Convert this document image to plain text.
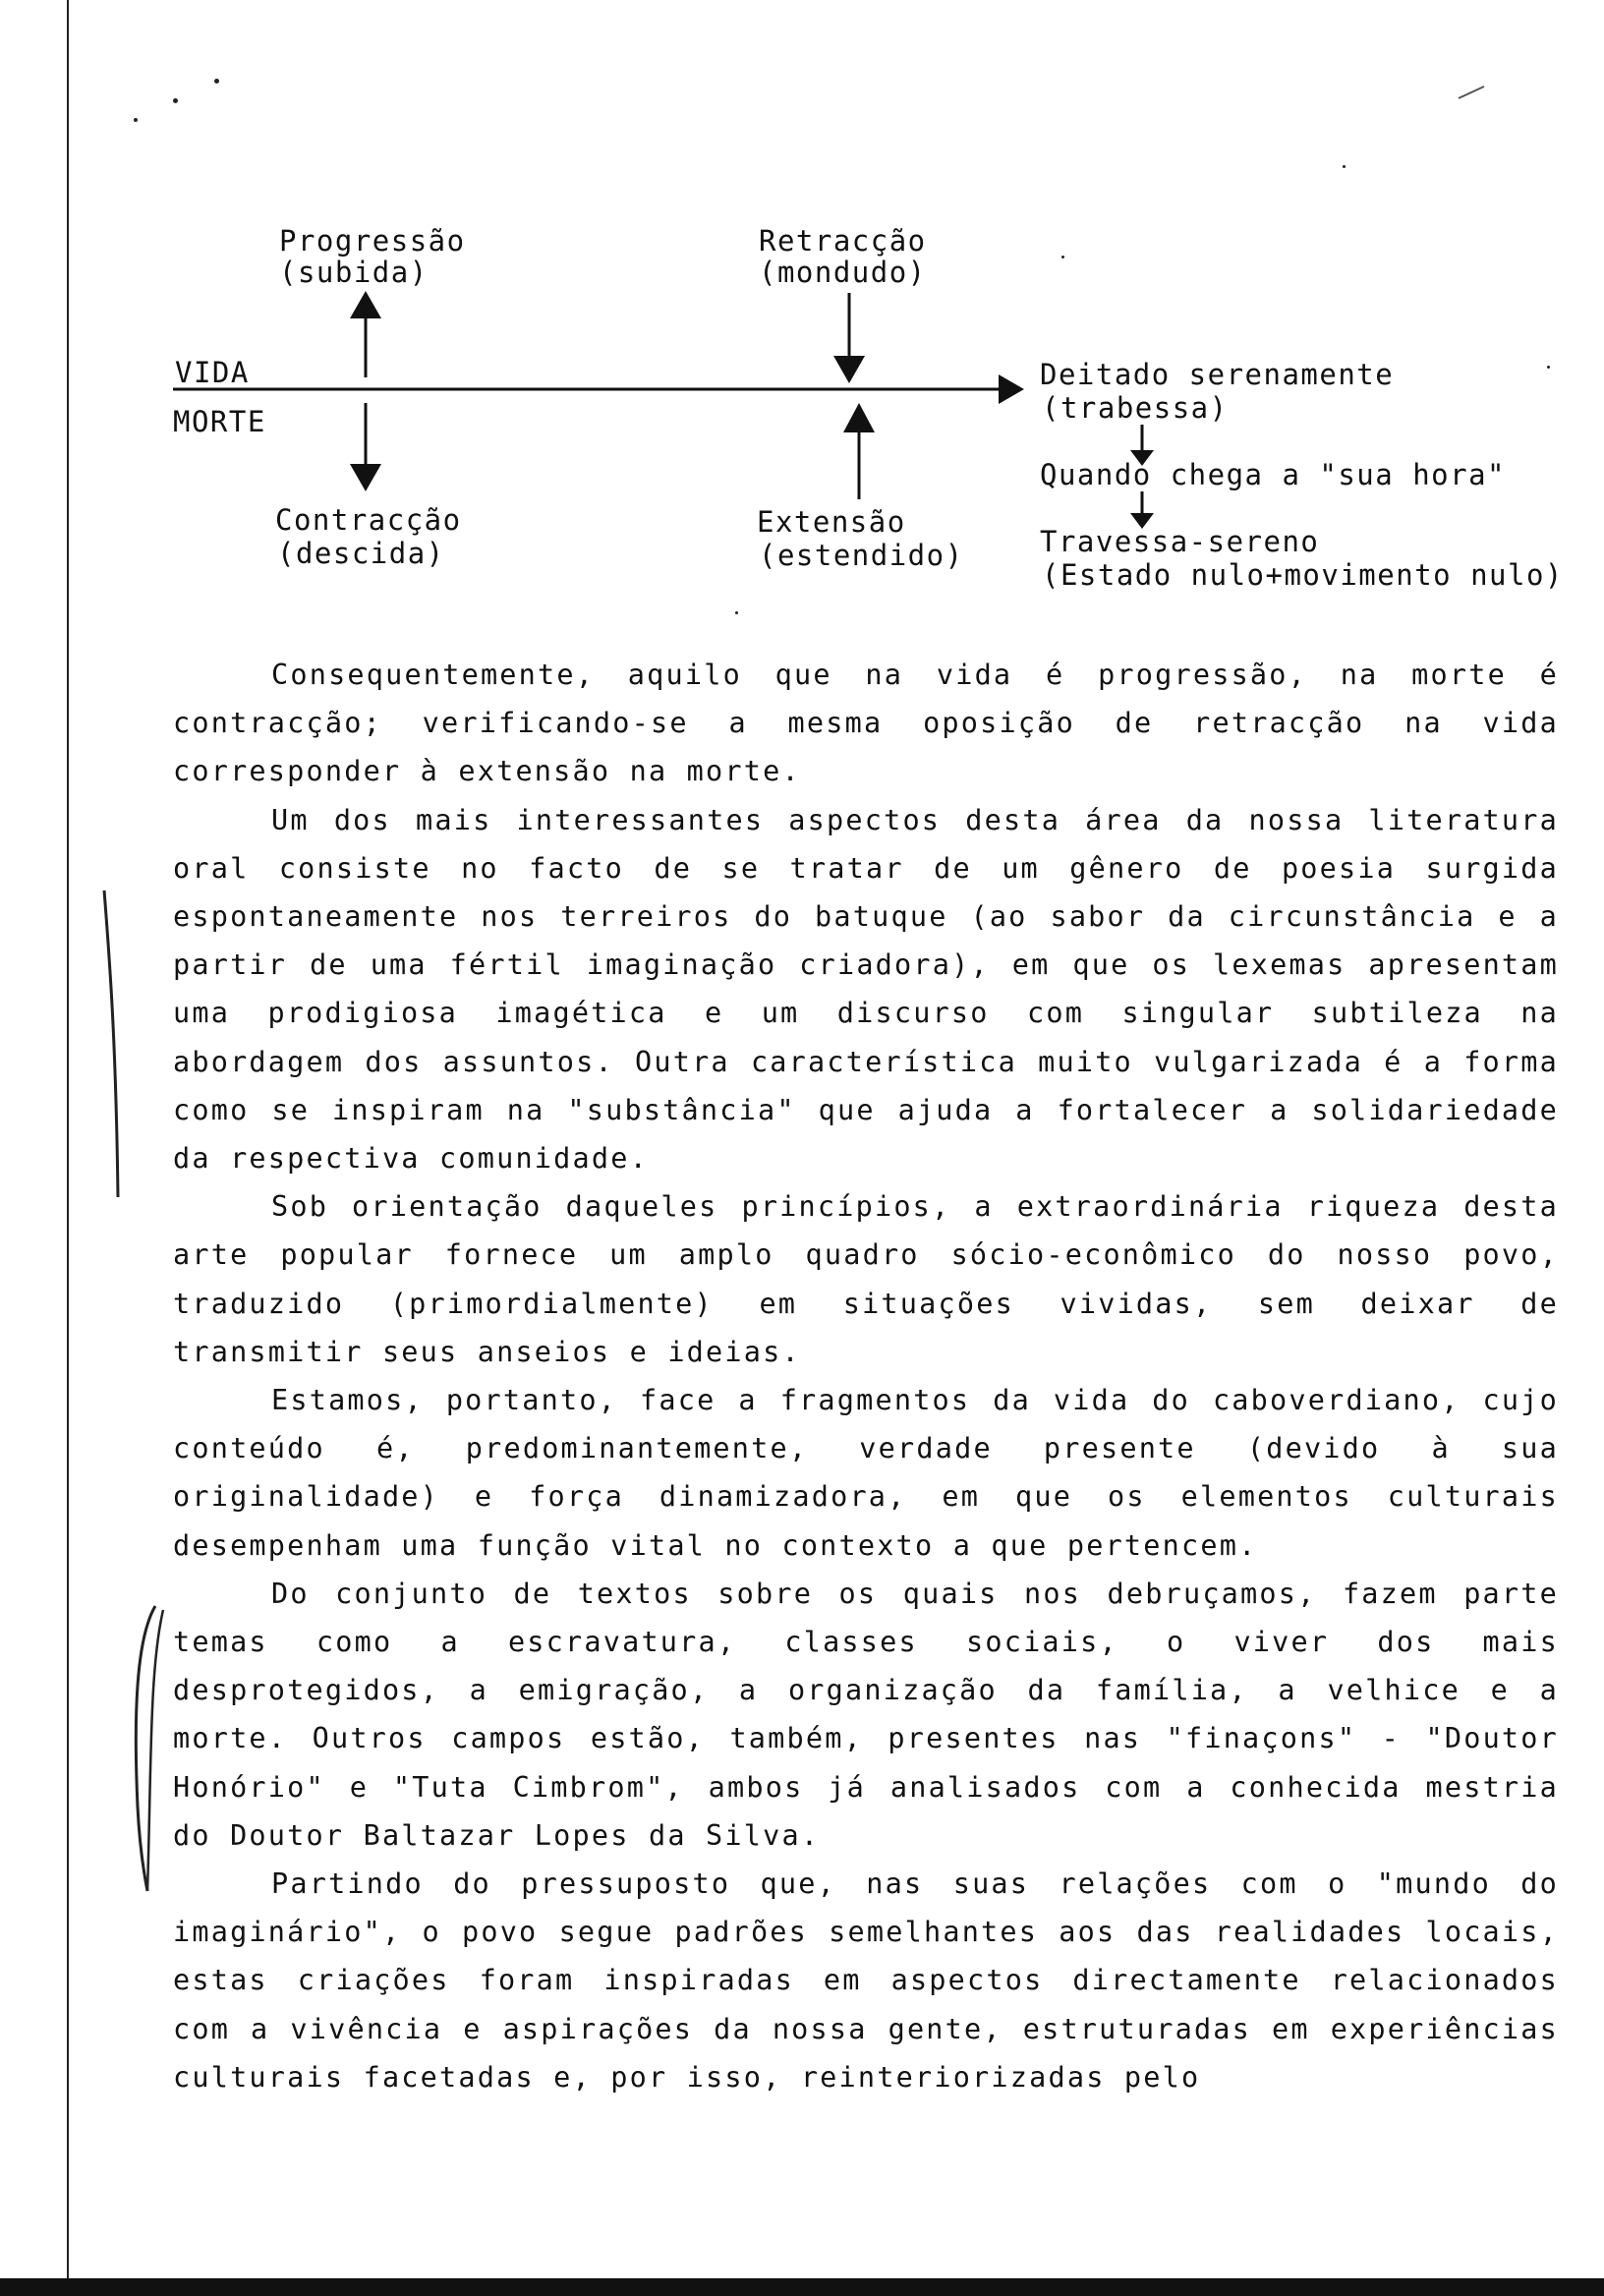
Progressão
(subida)
Retracção
(mondudo)
VIDA
MORTE
Deitado serenamente
(trabessa)
Quando chega a "sua hora"
Contracção
(descida)
Extensão
(estendido)	Travessa-sereno
(Estado nulo+movimento nulo)

Consequentemente, aquilo que na vida é progressão, na morte é contracção; verificando-se a mesma oposição de retracção na vida corresponder à extensão na morte.

Um dos mais interessantes aspectos desta área da nossa literatura oral consiste no facto de se tratar de um gênero de poesia surgida espontaneamente nos terreiros do batuque (ao sabor da circunstância e a partir de uma fértil imaginação criadora), em que os lexemas apresentam uma prodigiosa imagética e um discurso com singular subtileza na abordagem dos assuntos. Outra característica muito vulgarizada é a forma como se inspiram na "substância" que ajuda a fortalecer a solidariedade da respectiva comunidade.

Sob orientação daqueles princípios, a extraordinária riqueza desta arte popular fornece um amplo quadro sócio-econômico do nosso povo, traduzido (primordialmente) em situações vividas, sem deixar de transmitir seus anseios e ideias.

Estamos, portanto, face a fragmentos da vida do caboverdiano, cujo conteúdo é, predominantemente, verdade presente (devido à sua originalidade) e força dinamizadora, em que os elementos culturais desempenham uma função vital no contexto a que pertencem.

Do conjunto de textos sobre os quais nos debruçamos, fazem parte temas como a escravatura, classes sociais, o viver dos mais desprotegidos, a emigração, a organização da família, a velhice e a morte. Outros campos estão, também, presentes nas "finaçons" - "Doutor Honório" e "Tuta Cimbrom", ambos já analisados com a conhecida mestria do Doutor Baltazar Lopes da Silva.

Partindo do pressuposto que, nas suas relações com o "mundo do imaginário", o povo segue padrões semelhantes aos das realidades locais, estas criações foram inspiradas em aspectos directamente relacionados com a vivência e aspirações da nossa gente, estruturadas em experiências culturais facetadas e, por isso, reinteriorizadas pelo
